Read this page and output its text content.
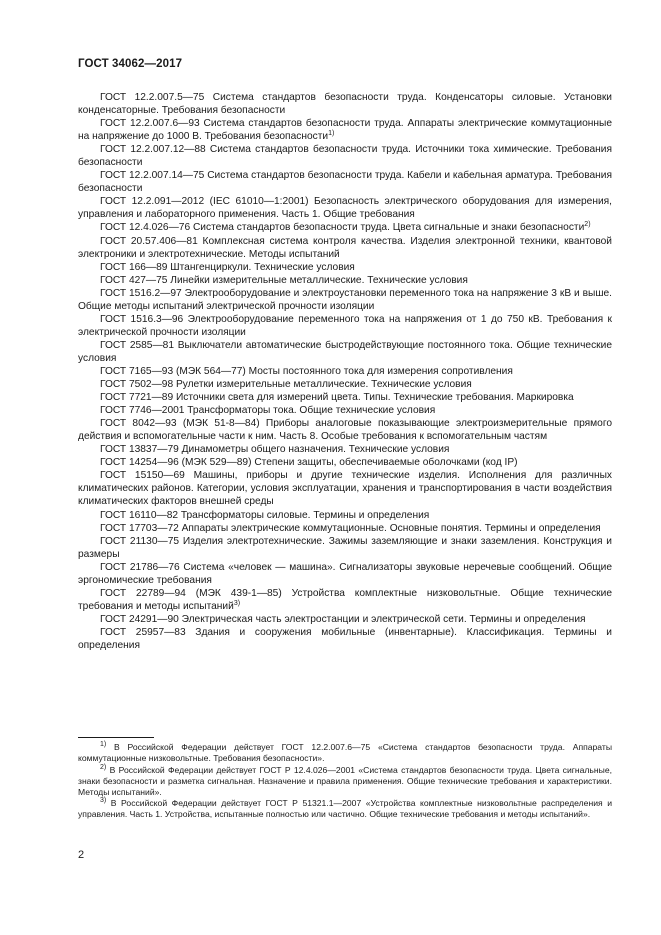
ГОСТ 34062—2017

ГОСТ 12.2.007.5—75 Система стандартов безопасности труда. Конденсаторы силовые. Установки конденсаторные. Требования безопасности

ГОСТ 12.2.007.6—93 Система стандартов безопасности труда. Аппараты электрические коммутационные на напряжение до 1000 В. Требования безопасности$^{1)}$

ГОСТ 12.2.007.12—88 Система стандартов безопасности труда. Источники тока химические. Требования безопасности

ГОСТ 12.2.007.14—75 Система стандартов безопасности труда. Кабели и кабельная арматура. Требования безопасности

ГОСТ 12.2.091—2012 (IEC 61010—1:2001) Безопасность электрического оборудования для измерения, управления и лабораторного применения. Часть 1. Общие требования

ГОСТ 12.4.026—76 Система стандартов безопасности труда. Цвета сигнальные и знаки безопасности$^{2)}$

ГОСТ 20.57.406—81 Комплексная система контроля качества. Изделия электронной техники, квантовой электроники и электротехнические. Методы испытаний

ГОСТ 166—89 Штангенциркули. Технические условия

ГОСТ 427—75 Линейки измерительные металлические. Технические условия

ГОСТ 1516.2—97 Электрооборудование и электроустановки переменного тока на напряжение 3 кВ и выше. Общие методы испытаний электрической прочности изоляции

ГОСТ 1516.3—96 Электрооборудование переменного тока на напряжения от 1 до 750 кВ. Требования к электрической прочности изоляции

ГОСТ 2585—81 Выключатели автоматические быстродействующие постоянного тока. Общие технические условия

ГОСТ 7165—93 (МЭК 564—77) Мосты постоянного тока для измерения сопротивления

ГОСТ 7502—98 Рулетки измерительные металлические. Технические условия

ГОСТ 7721—89 Источники света для измерений цвета. Типы. Технические требования. Маркировка

ГОСТ 7746—2001 Трансформаторы тока. Общие технические условия

ГОСТ 8042—93 (МЭК 51-8—84) Приборы аналоговые показывающие электроизмерительные прямого действия и вспомогательные части к ним. Часть 8. Особые требования к вспомогательным частям

ГОСТ 13837—79 Динамометры общего назначения. Технические условия

ГОСТ 14254—96 (МЭК 529—89) Степени защиты, обеспечиваемые оболочками (код IP)

ГОСТ 15150—69 Машины, приборы и другие технические изделия. Исполнения для различных климатических районов. Категории, условия эксплуатации, хранения и транспортирования в части воздействия климатических факторов внешней среды

ГОСТ 16110—82 Трансформаторы силовые. Термины и определения

ГОСТ 17703—72 Аппараты электрические коммутационные. Основные понятия. Термины и определения

ГОСТ 21130—75 Изделия электротехнические. Зажимы заземляющие и знаки заземления. Конструкция и размеры

ГОСТ 21786—76 Система «человек — машина». Сигнализаторы звуковые неречевые сообщений. Общие эргономические требования

ГОСТ 22789—94 (МЭК 439-1—85) Устройства комплектные низковольтные. Общие технические требования и методы испытаний$^{3)}$

ГОСТ 24291—90 Электрическая часть электростанции и электрической сети. Термины и определения

ГОСТ 25957—83 Здания и сооружения мобильные (инвентарные). Классификация. Термины и определения

$^{1)}$ В Российской Федерации действует ГОСТ 12.2.007.6—75 «Система стандартов безопасности труда. Аппараты коммутационные низковольтные. Требования безопасности».

$^{2)}$ В Российской Федерации действует ГОСТ Р 12.4.026—2001 «Система стандартов безопасности труда. Цвета сигнальные, знаки безопасности и разметка сигнальная. Назначение и правила применения. Общие технические требования и характеристики. Методы испытаний».

$^{3)}$ В Российской Федерации действует ГОСТ Р 51321.1—2007 «Устройства комплектные низковольтные распределения и управления. Часть 1. Устройства, испытанные полностью или частично. Общие технические требования и методы испытаний».

2
